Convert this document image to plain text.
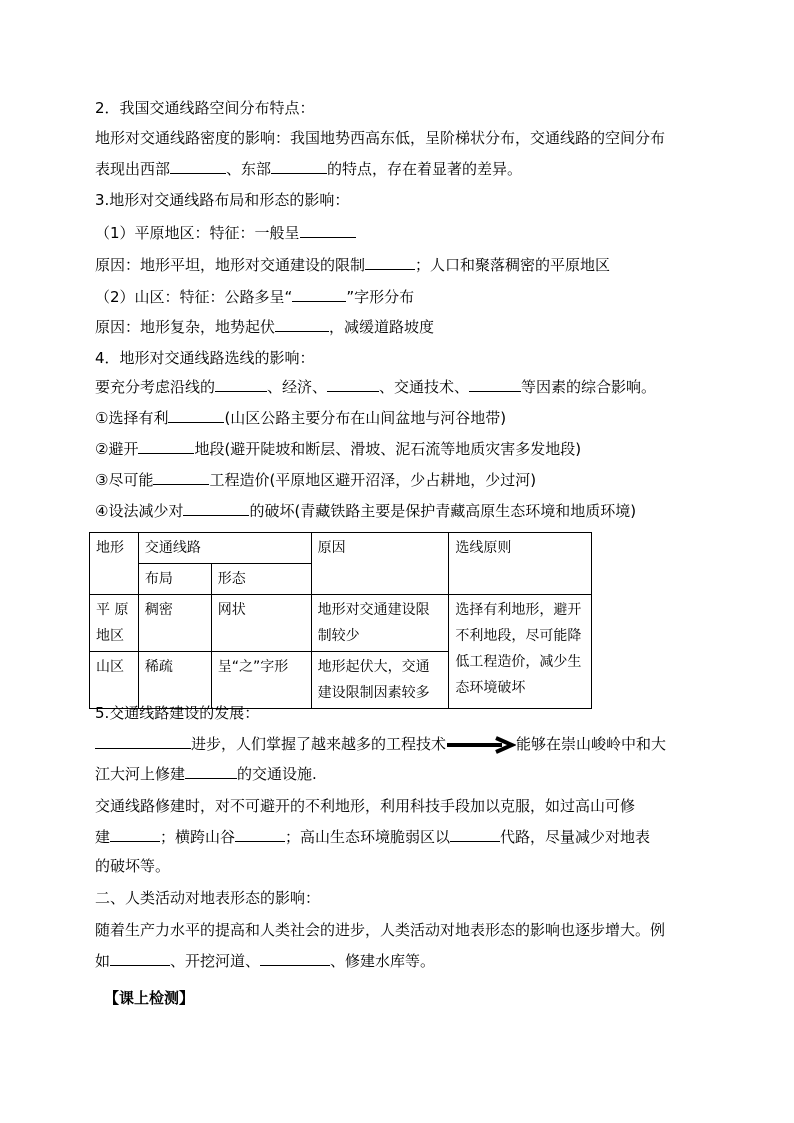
2．我国交通线路空间分布特点：
地形对交通线路密度的影响：我国地势西高东低，呈阶梯状分布，交通线路的空间分布
表现出西部	、东部	的特点，存在着显著的差异。
3.地形对交通线路布局和形态的影响：
（1）平原地区：特征：一般呈
原因：地形平坦，地形对交通建设的限制	；人口和聚落稠密的平原地区
（2）山区：特征：公路多呈“	”字形分布
原因：地形复杂，地势起伏	，减缓道路坡度
4．地形对交通线路选线的影响：
要充分考虑沿线的	、经济、	、交通技术、	等因素的综合影响。
①选择有利	(山区公路主要分布在山间盆地与河谷地带)
②避开	地段(避开陡坡和断层、滑坡、泥石流等地质灾害多发地段)
③尽可能	工程造价(平原地区避开沼泽，少占耕地，少过河)
④设法减少对	的破坏(青藏铁路主要是保护青藏高原生态环境和地质环境)
地形	交通线路		原因	选线原则
	布局	形态		
平 原 地区	稠密	网状	地形对交通建设限制较少	选择有利地形，避开不利地段，尽可能降低工程造价，减少生态环境破坏
山区	稀疏	呈“之”字形	地形起伏大，交通建设限制因素较多	
5.交通线路建设的发展：
进步，人们掌握了越来越多的工程技术	能够在崇山峻岭中和大
江大河上修建	的交通设施.
交通线路修建时，对不可避开的不利地形，利用科技手段加以克服，如过高山可修
建	；横跨山谷	；高山生态环境脆弱区以	代路，尽量减少对地表
的破坏等。
二、人类活动对地表形态的影响：
随着生产力水平的提高和人类社会的进步，人类活动对地表形态的影响也逐步增大。例
如	、开挖河道、	、修建水库等。
【课上检测】
